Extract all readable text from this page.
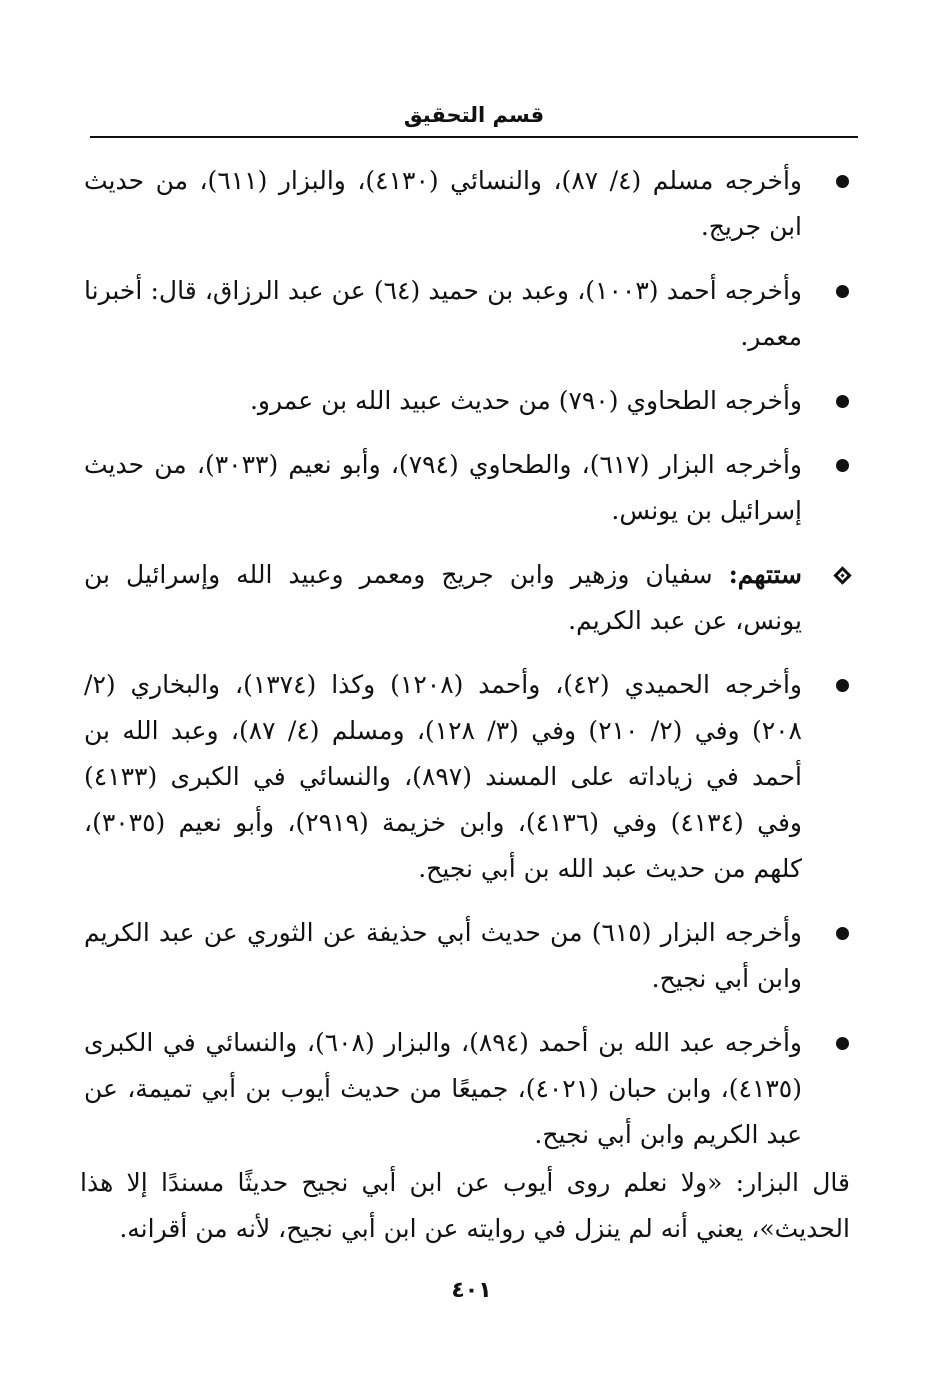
قسم التحقيق
وأخرجه مسلم (٤/ ٨٧)، والنسائي (٤١٣٠)، والبزار (٦١١)، من حديث ابن جريج.
وأخرجه أحمد (١٠٠٣)، وعبد بن حميد (٦٤) عن عبد الرزاق، قال: أخبرنا معمر.
وأخرجه الطحاوي (٧٩٠) من حديث عبيد الله بن عمرو.
وأخرجه البزار (٦١٧)، والطحاوي (٧٩٤)، وأبو نعيم (٣٠٣٣)، من حديث إسرائيل بن يونس.
ستتهم: سفيان وزهير وابن جريج ومعمر وعبيد الله وإسرائيل بن يونس، عن عبد الكريم.
وأخرجه الحميدي (٤٢)، وأحمد (١٢٠٨) وكذا (١٣٧٤)، والبخاري (٢/ ٢٠٨) وفي (٢/ ٢١٠) وفي (٣/ ١٢٨)، ومسلم (٤/ ٨٧)، وعبد الله بن أحمد في زياداته على المسند (٨٩٧)، والنسائي في الكبرى (٤١٣٣) وفي (٤١٣٤) وفي (٤١٣٦)، وابن خزيمة (٢٩١٩)، وأبو نعيم (٣٠٣٥)، كلهم من حديث عبد الله بن أبي نجيح.
وأخرجه البزار (٦١٥) من حديث أبي حذيفة عن الثوري عن عبد الكريم وابن أبي نجيح.
وأخرجه عبد الله بن أحمد (٨٩٤)، والبزار (٦٠٨)، والنسائي في الكبرى (٤١٣٥)، وابن حبان (٤٠٢١)، جميعًا من حديث أيوب بن أبي تميمة، عن عبد الكريم وابن أبي نجيح.
قال البزار: «ولا نعلم روى أيوب عن ابن أبي نجيح حديثًا مسندًا إلا هذا الحديث»، يعني أنه لم ينزل في روايته عن ابن أبي نجيح، لأنه من أقرانه.
٤٠١
